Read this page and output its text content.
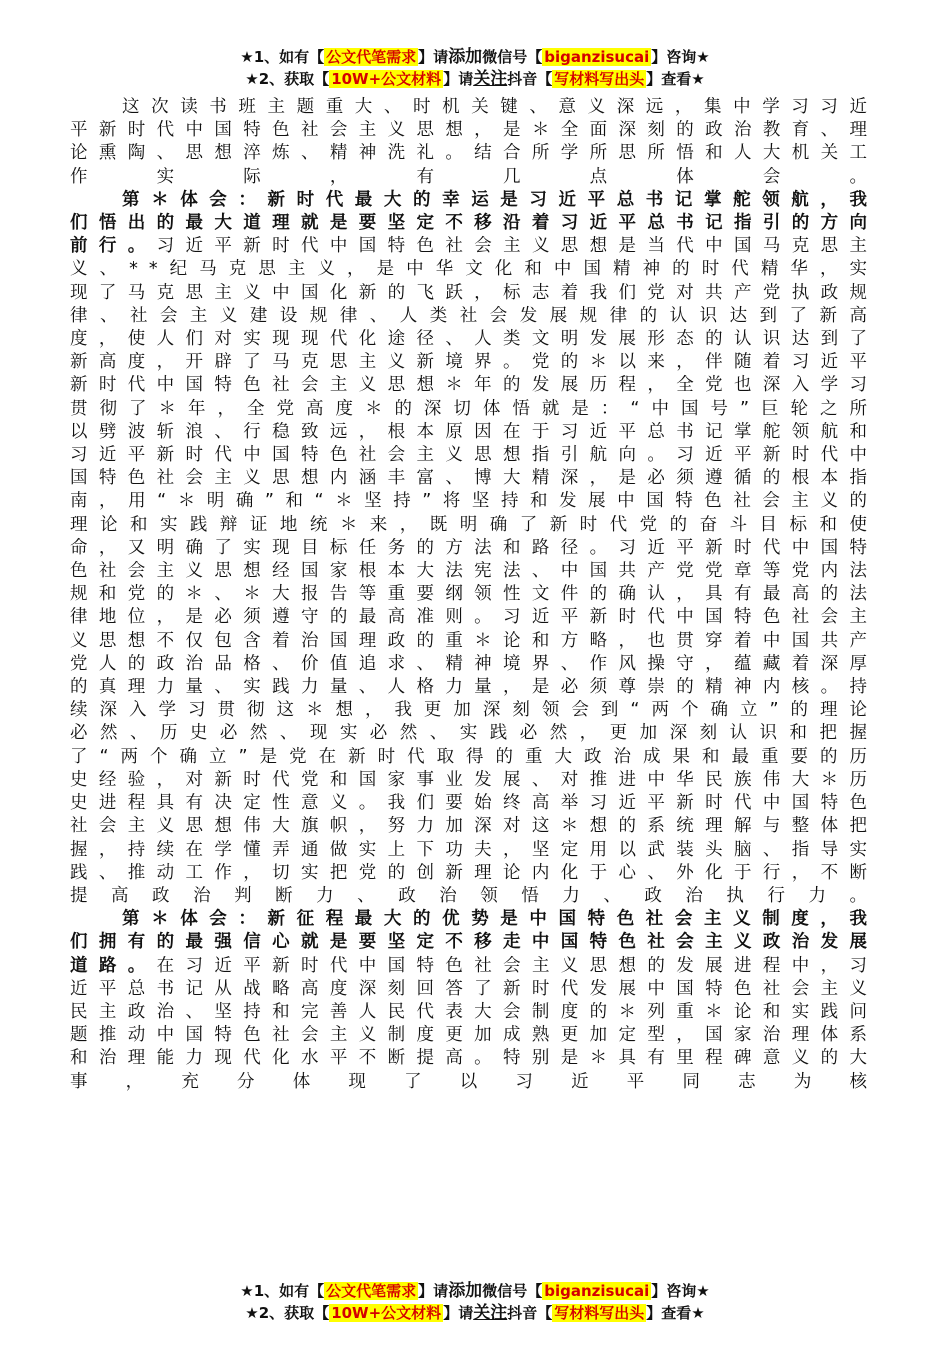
★1、如有【 公文代笔需求 】请添加微信号【 biganzisucai 】咨询★
★2、获取【 10W+公文材料 】请关注抖音【 写材料写出头 】查看★

这次读书班主题重大、时机关键、意义深远，集中学习习近平新时代中国特色社会主义思想，是＊全面深刻的政治教育、理论熏陶、思想淬炼、精神洗礼。结合所学所思所悟和人大机关工作实际，有几点体会。

第＊体会：新时代最大的幸运是习近平总书记掌舵领航，我们悟出的最大道理就是要坚定不移沿着习近平总书记指引的方向前行。习近平新时代中国特色社会主义思想是当代中国马克思主义、**纪马克思主义，是中华文化和中国精神的时代精华，实现了马克思主义中国化新的飞跃，标志着我们党对共产党执政规律、社会主义建设规律、人类社会发展规律的认识达到了新高度，使人们对实现现代化途径、人类文明发展形态的认识达到了新高度，开辟了马克思主义新境界。党的＊以来，伴随着习近平新时代中国特色社会主义思想＊年的发展历程，全党也深入学习贯彻了＊年，全党高度＊的深切体悟就是：“中国号”巨轮之所以劈波斩浪、行稳致远，根本原因在于习近平总书记掌舵领航和习近平新时代中国特色社会主义思想指引航向。习近平新时代中国特色社会主义思想内涵丰富、博大精深，是必须遵循的根本指南，用“＊明确”和“＊坚持”将坚持和发展中国特色社会主义的理论和实践辩证地统＊来，既明确了新时代党的奋斗目标和使命，又明确了实现目标任务的方法和路径。习近平新时代中国特色社会主义思想经国家根本大法宪法、中国共产党党章等党内法规和党的＊、＊大报告等重要纲领性文件的确认，具有最高的法律地位，是必须遵守的最高准则。习近平新时代中国特色社会主义思想不仅包含着治国理政的重＊论和方略，也贯穿着中国共产党人的政治品格、价值追求、精神境界、作风操守，蕴藏着深厚的真理力量、实践力量、人格力量，是必须尊崇的精神内核。持续深入学习贯彻这＊想，我更加深刻领会到“两个确立”的理论必然、历史必然、现实必然、实践必然，更加深刻认识和把握了“两个确立”是党在新时代取得的重大政治成果和最重要的历史经验，对新时代党和国家事业发展、对推进中华民族伟大＊历史进程具有决定性意义。我们要始终高举习近平新时代中国特色社会主义思想伟大旗帜，努力加深对这＊想的系统理解与整体把握，持续在学懂弄通做实上下功夫，坚定用以武装头脑、指导实践、推动工作，切实把党的创新理论内化于心、外化于行，不断提高政治判断力、政治领悟力、政治执行力。

第＊体会：新征程最大的优势是中国特色社会主义制度，我们拥有的最强信心就是要坚定不移走中国特色社会主义政治发展道路。在习近平新时代中国特色社会主义思想的发展进程中，习近平总书记从战略高度深刻回答了新时代发展中国特色社会主义民主政治、坚持和完善人民代表大会制度的＊列重＊论和实践问题推动中国特色社会主义制度更加成熟更加定型，国家治理体系和治理能力现代化水平不断提高。特别是＊具有里程碑意义的大事，充分体现了以习近平同志为核

★1、如有【 公文代笔需求 】请添加微信号【 biganzisucai 】咨询★
★2、获取【 10W+公文材料 】请关注抖音【 写材料写出头 】查看★
